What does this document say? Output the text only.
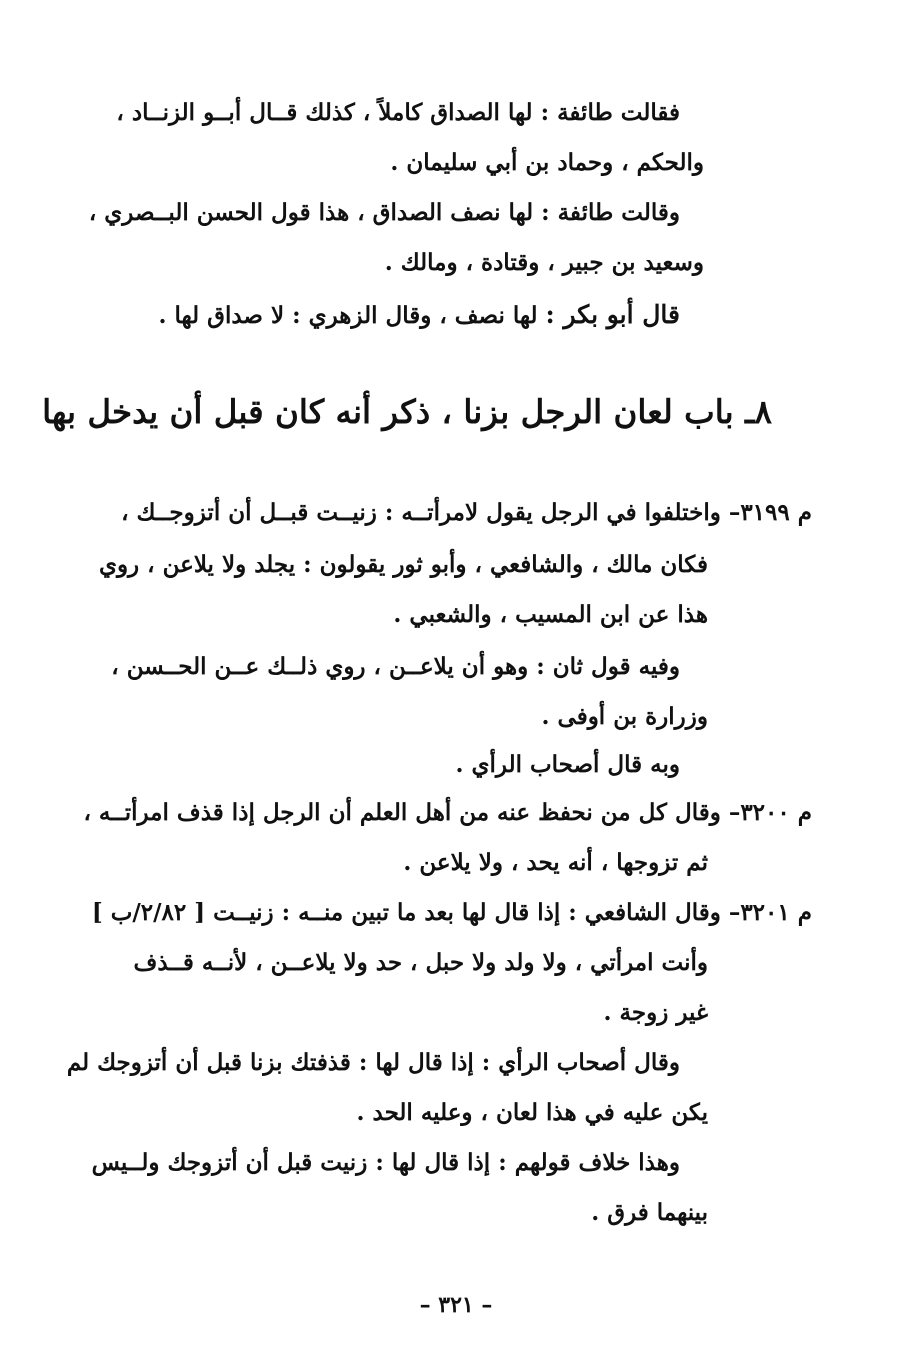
فقالت طائفة : لها الصداق كاملاً ، كذلك قــال أبــو الزنــاد ،
والحكم ، وحماد بن أبي سليمان .
وقالت طائفة : لها نصف الصداق ، هذا قول الحسن البــصري ،
وسعيد بن جبير ، وقتادة ، ومالك .
قال أبو بكر : لها نصف ، وقال الزهري : لا صداق لها .
٨ـ باب لعان الرجل بزنا ، ذكر أنه كان قبل أن يدخل بها
م ٣١٩٩– واختلفوا في الرجل يقول لامرأتــه : زنيــت قبــل أن أتزوجــك ،
فكان مالك ، والشافعي ، وأبو ثور يقولون : يجلد ولا يلاعن ، روي
هذا عن ابن المسيب ، والشعبي .
وفيه قول ثان : وهو أن يلاعــن ، روي ذلــك عــن الحــسن ،
وزرارة بن أوفى .
وبه قال أصحاب الرأي .
م ٣٢٠٠– وقال كل من نحفظ عنه من أهل العلم أن الرجل إذا قذف امرأتــه ،
ثم تزوجها ، أنه يحد ، ولا يلاعن .
م ٣٢٠١– وقال الشافعي : إذا قال لها بعد ما تبين منــه : زنيــت [ ٢/٨٢/ب ]
وأنت امرأتي ، ولا ولد ولا حبل ، حد ولا يلاعــن ، لأنــه قــذف
غير زوجة .
وقال أصحاب الرأي : إذا قال لها : قذفتك بزنا قبل أن أتزوجك لم
يكن عليه في هذا لعان ، وعليه الحد .
وهذا خلاف قولهم : إذا قال لها : زنيت قبل أن أتزوجك ولــيس
بينهما فرق .
– ٣٢١ –
